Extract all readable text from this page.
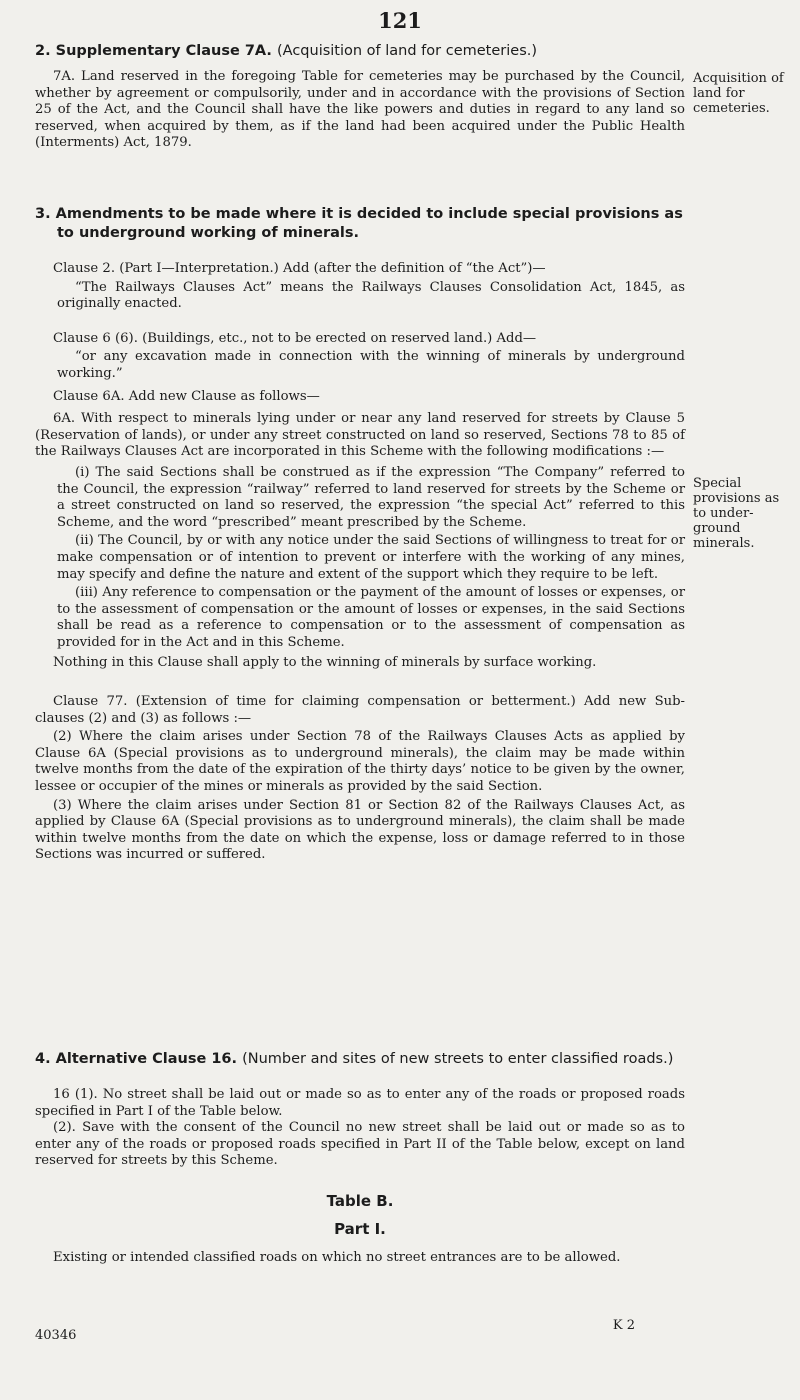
121
2. Supplementary Clause 7A. (Acquisition of land for cemeteries.)

7A. Land reserved in the foregoing Table for cemeteries may be purchased by the Council, whether by agreement or compulsorily, under and in accordance with the provisions of Section 25 of the Act, and the Council shall have the like powers and duties in regard to any land so reserved, when acquired by them, as if the land had been acquired under the Public Health (Interments) Act, 1879.

Acquisition of land for cemeteries.
3. Amendments to be made where it is decided to include special provisions as to underground working of minerals.

Clause 2. (Part I—Interpretation.) Add (after the definition of “the Act”)—

“The Railways Clauses Act” means the Railways Clauses Consolidation Act, 1845, as originally enacted.

Clause 6 (6). (Buildings, etc., not to be erected on reserved land.) Add—

“or any excavation made in connection with the winning of minerals by underground working.”

Clause 6A. Add new Clause as follows—

6A. With respect to minerals lying under or near any land reserved for streets by Clause 5 (Reservation of lands), or under any street constructed on land so reserved, Sections 78 to 85 of the Railways Clauses Act are incorporated in this Scheme with the following modifications :—

(i) The said Sections shall be construed as if the expression “The Company” referred to the Council, the expression “railway” referred to land reserved for streets by the Scheme or a street constructed on land so reserved, the expression “the special Act” referred to this Scheme, and the word “prescribed” meant prescribed by the Scheme.

(ii) The Council, by or with any notice under the said Sections of willingness to treat for or make compensation or of intention to prevent or interfere with the working of any mines, may specify and define the nature and extent of the support which they require to be left.

(iii) Any reference to compensation or the payment of the amount of losses or expenses, or to the assessment of compensation or the amount of losses or expenses, in the said Sections shall be read as a reference to compensation or to the assessment of compensation as provided for in the Act and in this Scheme.

Nothing in this Clause shall apply to the winning of minerals by surface working.

Clause 77. (Extension of time for claiming compensation or betterment.) Add new Sub-clauses (2) and (3) as follows :—

(2) Where the claim arises under Section 78 of the Railways Clauses Acts as applied by Clause 6A (Special provisions as to underground minerals), the claim may be made within twelve months from the date of the expiration of the thirty days’ notice to be given by the owner, lessee or occupier of the mines or minerals as provided by the said Section.

(3) Where the claim arises under Section 81 or Section 82 of the Railways Clauses Act, as applied by Clause 6A (Special provisions as to underground minerals), the claim shall be made within twelve months from the date on which the expense, loss or damage referred to in those Sections was incurred or suffered.

Special provisions as to under-ground minerals.
4. Alternative Clause 16. (Number and sites of new streets to enter classified roads.)

16 (1). No street shall be laid out or made so as to enter any of the roads or proposed roads specified in Part I of the Table below.

(2). Save with the consent of the Council no new street shall be laid out or made so as to enter any of the roads or proposed roads specified in Part II of the Table below, except on land reserved for streets by this Scheme.

Table B.
Part I.

Existing or intended classified roads on which no street entrances are to be allowed.

40346
K 2
